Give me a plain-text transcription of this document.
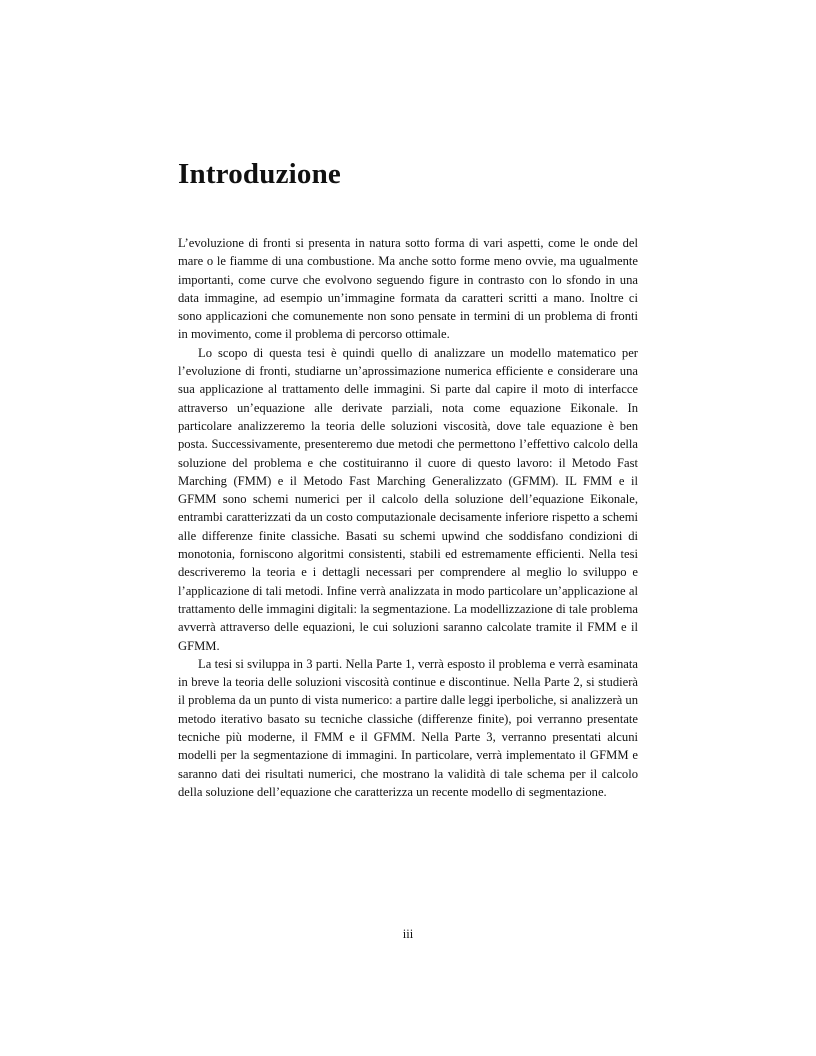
Introduzione

L’evoluzione di fronti si presenta in natura sotto forma di vari aspetti, come le onde del mare o le fiamme di una combustione. Ma anche sotto forme meno ovvie, ma ugualmente importanti, come curve che evolvono seguendo figure in contrasto con lo sfondo in una data immagine, ad esempio un’immagine formata da caratteri scritti a mano. Inoltre ci sono applicazioni che comunemente non sono pensate in termini di un problema di fronti in movimento, come il problema di percorso ottimale.

Lo scopo di questa tesi è quindi quello di analizzare un modello matematico per l’evoluzione di fronti, studiarne un’aprossimazione numerica efficiente e considerare una sua applicazione al trattamento delle immagini. Si parte dal capire il moto di interfacce attraverso un’equazione alle derivate parziali, nota come equazione Eikonale. In particolare analizzeremo la teoria delle soluzioni viscosità, dove tale equazione è ben posta. Successivamente, presenteremo due metodi che permettono l’effettivo calcolo della soluzione del problema e che costituiranno il cuore di questo lavoro: il Metodo Fast Marching (FMM) e il Metodo Fast Marching Generalizzato (GFMM). IL FMM e il GFMM sono schemi numerici per il calcolo della soluzione dell’equazione Eikonale, entrambi caratterizzati da un costo computazionale decisamente inferiore rispetto a schemi alle differenze finite classiche. Basati su schemi upwind che soddisfano condizioni di monotonia, forniscono algoritmi consistenti, stabili ed estremamente efficienti. Nella tesi descriveremo la teoria e i dettagli necessari per comprendere al meglio lo sviluppo e l’applicazione di tali metodi. Infine verrà analizzata in modo particolare un’applicazione al trattamento delle immagini digitali: la segmentazione. La modellizzazione di tale problema avverrà attraverso delle equazioni, le cui soluzioni saranno calcolate tramite il FMM e il GFMM.

La tesi si sviluppa in 3 parti. Nella Parte 1, verrà esposto il problema e verrà esaminata in breve la teoria delle soluzioni viscosità continue e discontinue. Nella Parte 2, si studierà il problema da un punto di vista numerico: a partire dalle leggi iperboliche, si analizzerà un metodo iterativo basato su tecniche classiche (differenze finite), poi verranno presentate tecniche più moderne, il FMM e il GFMM. Nella Parte 3, verranno presentati alcuni modelli per la segmentazione di immagini. In particolare, verrà implementato il GFMM e saranno dati dei risultati numerici, che mostrano la validità di tale schema per il calcolo della soluzione dell’equazione che caratterizza un recente modello di segmentazione.

iii
